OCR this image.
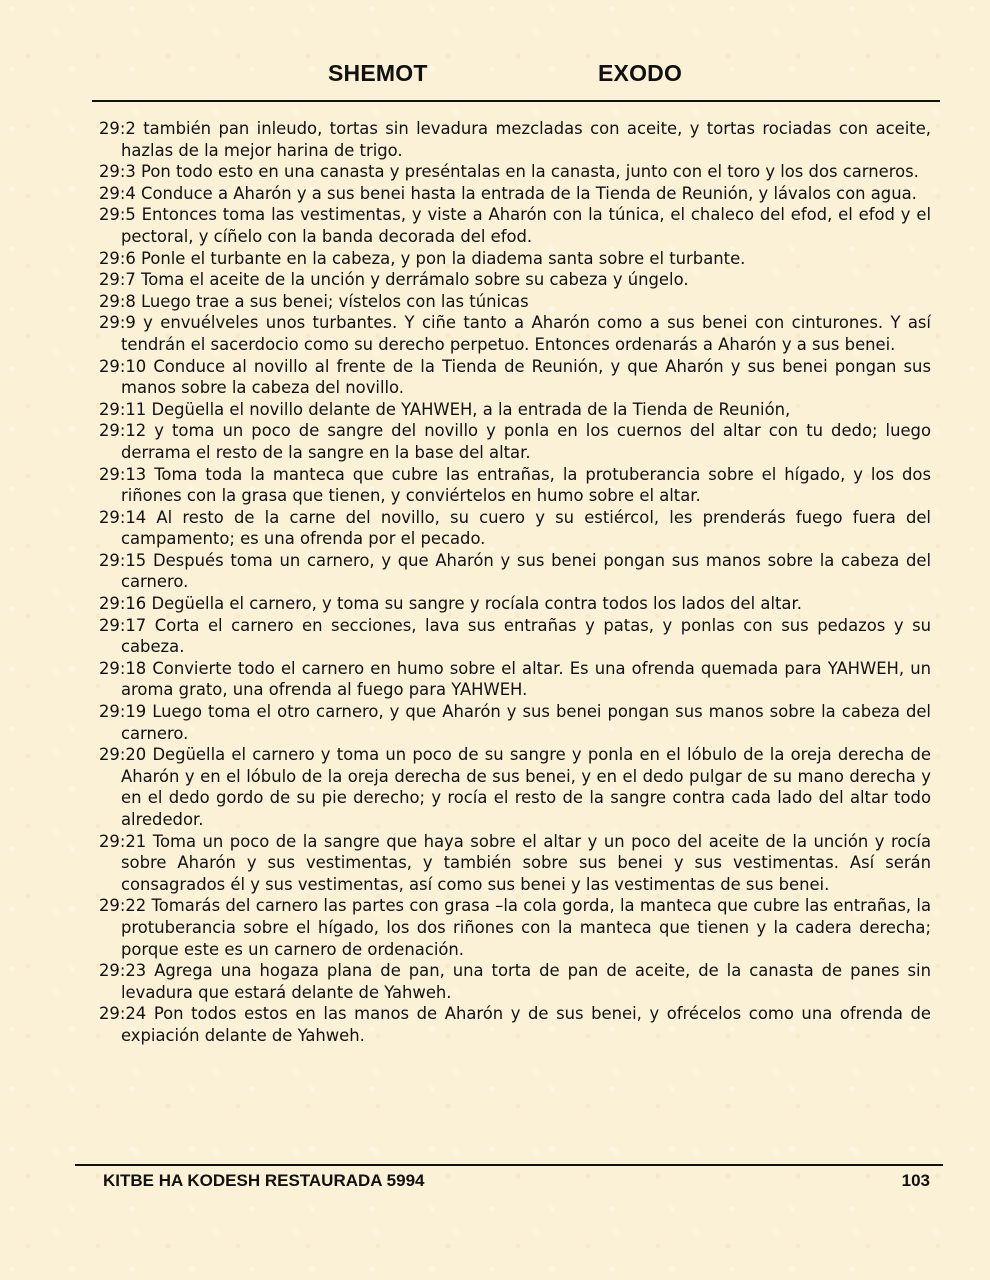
SHEMOT	EXODO

29:2 también pan inleudo, tortas sin levadura mezcladas con aceite, y tortas rociadas con aceite, hazlas de la mejor harina de trigo.

29:3 Pon todo esto en una canasta y preséntalas en la canasta, junto con el toro y los dos carneros.

29:4 Conduce a Aharón y a sus benei hasta la entrada de la Tienda de Reunión, y lávalos con agua.

29:5 Entonces toma las vestimentas, y viste a Aharón con la túnica, el chaleco del efod, el efod y el pectoral, y cíñelo con la banda decorada del efod.

29:6 Ponle el turbante en la cabeza, y pon la diadema santa sobre el turbante.

29:7 Toma el aceite de la unción y derrámalo sobre su cabeza y úngelo.

29:8 Luego trae a sus benei; vístelos con las túnicas

29:9 y envuélveles unos turbantes. Y ciñe tanto a Aharón como a sus benei con cinturones. Y así tendrán el sacerdocio como su derecho perpetuo. Entonces ordenarás a Aharón y a sus benei.

29:10 Conduce al novillo al frente de la Tienda de Reunión, y que Aharón y sus benei pongan sus manos sobre la cabeza del novillo.

29:11 Degüella el novillo delante de YAHWEH, a la entrada de la Tienda de Reunión,

29:12 y toma un poco de sangre del novillo y ponla en los cuernos del altar con tu dedo; luego derrama el resto de la sangre en la base del altar.

29:13 Toma toda la manteca que cubre las entrañas, la protuberancia sobre el hígado, y los dos riñones con la grasa que tienen, y conviértelos en humo sobre el altar.

29:14 Al resto de la carne del novillo, su cuero y su estiércol, les prenderás fuego fuera del campamento; es una ofrenda por el pecado.

29:15 Después toma un carnero, y que Aharón y sus benei pongan sus manos sobre la cabeza del carnero.

29:16 Degüella el carnero, y toma su sangre y rocíala contra todos los lados del altar.

29:17 Corta el carnero en secciones, lava sus entrañas y patas, y ponlas con sus pedazos y su cabeza.

29:18 Convierte todo el carnero en humo sobre el altar. Es una ofrenda quemada para YAHWEH, un aroma grato, una ofrenda al fuego para YAHWEH.

29:19 Luego toma el otro carnero, y que Aharón y sus benei pongan sus manos sobre la cabeza del carnero.

29:20 Degüella el carnero y toma un poco de su sangre y ponla en el lóbulo de la oreja derecha de Aharón y en el lóbulo de la oreja derecha de sus benei, y en el dedo pulgar de su mano derecha y en el dedo gordo de su pie derecho; y rocía el resto de la sangre contra cada lado del altar todo alrededor.

29:21 Toma un poco de la sangre que haya sobre el altar y un poco del aceite de la unción y rocía sobre Aharón y sus vestimentas, y también sobre sus benei y sus vestimentas. Así serán consagrados él y sus vestimentas, así como sus benei y las vestimentas de sus benei.

29:22 Tomarás del carnero las partes con grasa –la cola gorda, la manteca que cubre las entrañas, la protuberancia sobre el hígado, los dos riñones con la manteca que tienen y la cadera derecha; porque este es un carnero de ordenación.

29:23 Agrega una hogaza plana de pan, una torta de pan de aceite, de la canasta de panes sin levadura que estará delante de Yahweh.

29:24 Pon todos estos en las manos de Aharón y de sus benei, y ofrécelos como una ofrenda de expiación delante de Yahweh.

KITBE HA KODESH RESTAURADA 5994	103
